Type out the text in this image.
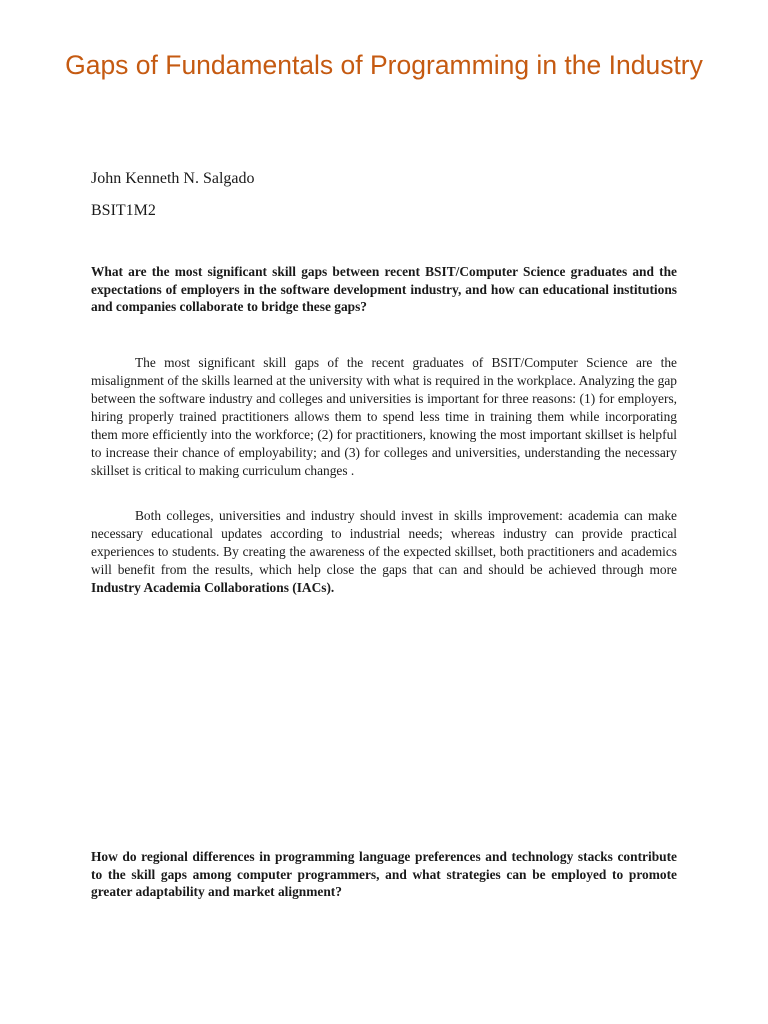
Gaps of Fundamentals of Programming in the Industry

John Kenneth N. Salgado

BSIT1M2

What are the most significant skill gaps between recent BSIT/Computer Science graduates and the expectations of employers in the software development industry, and how can educational institutions and companies collaborate to bridge these gaps?

The most significant skill gaps of the recent graduates of BSIT/Computer Science are the misalignment of the skills learned at the university with what is required in the workplace. Analyzing the gap between the software industry and colleges and universities is important for three reasons: (1) for employers, hiring properly trained practitioners allows them to spend less time in training them while incorporating them more efficiently into the workforce; (2) for practitioners, knowing the most important skillset is helpful to increase their chance of employability; and (3) for colleges and universities, understanding the necessary skillset is critical to making curriculum changes .

Both colleges, universities and industry should invest in skills improvement: academia can make necessary educational updates according to industrial needs; whereas industry can provide practical experiences to students. By creating the awareness of the expected skillset, both practitioners and academics will benefit from the results, which help close the gaps that can and should be achieved through more Industry Academia Collaborations (IACs).

How do regional differences in programming language preferences and technology stacks contribute to the skill gaps among computer programmers, and what strategies can be employed to promote greater adaptability and market alignment?
